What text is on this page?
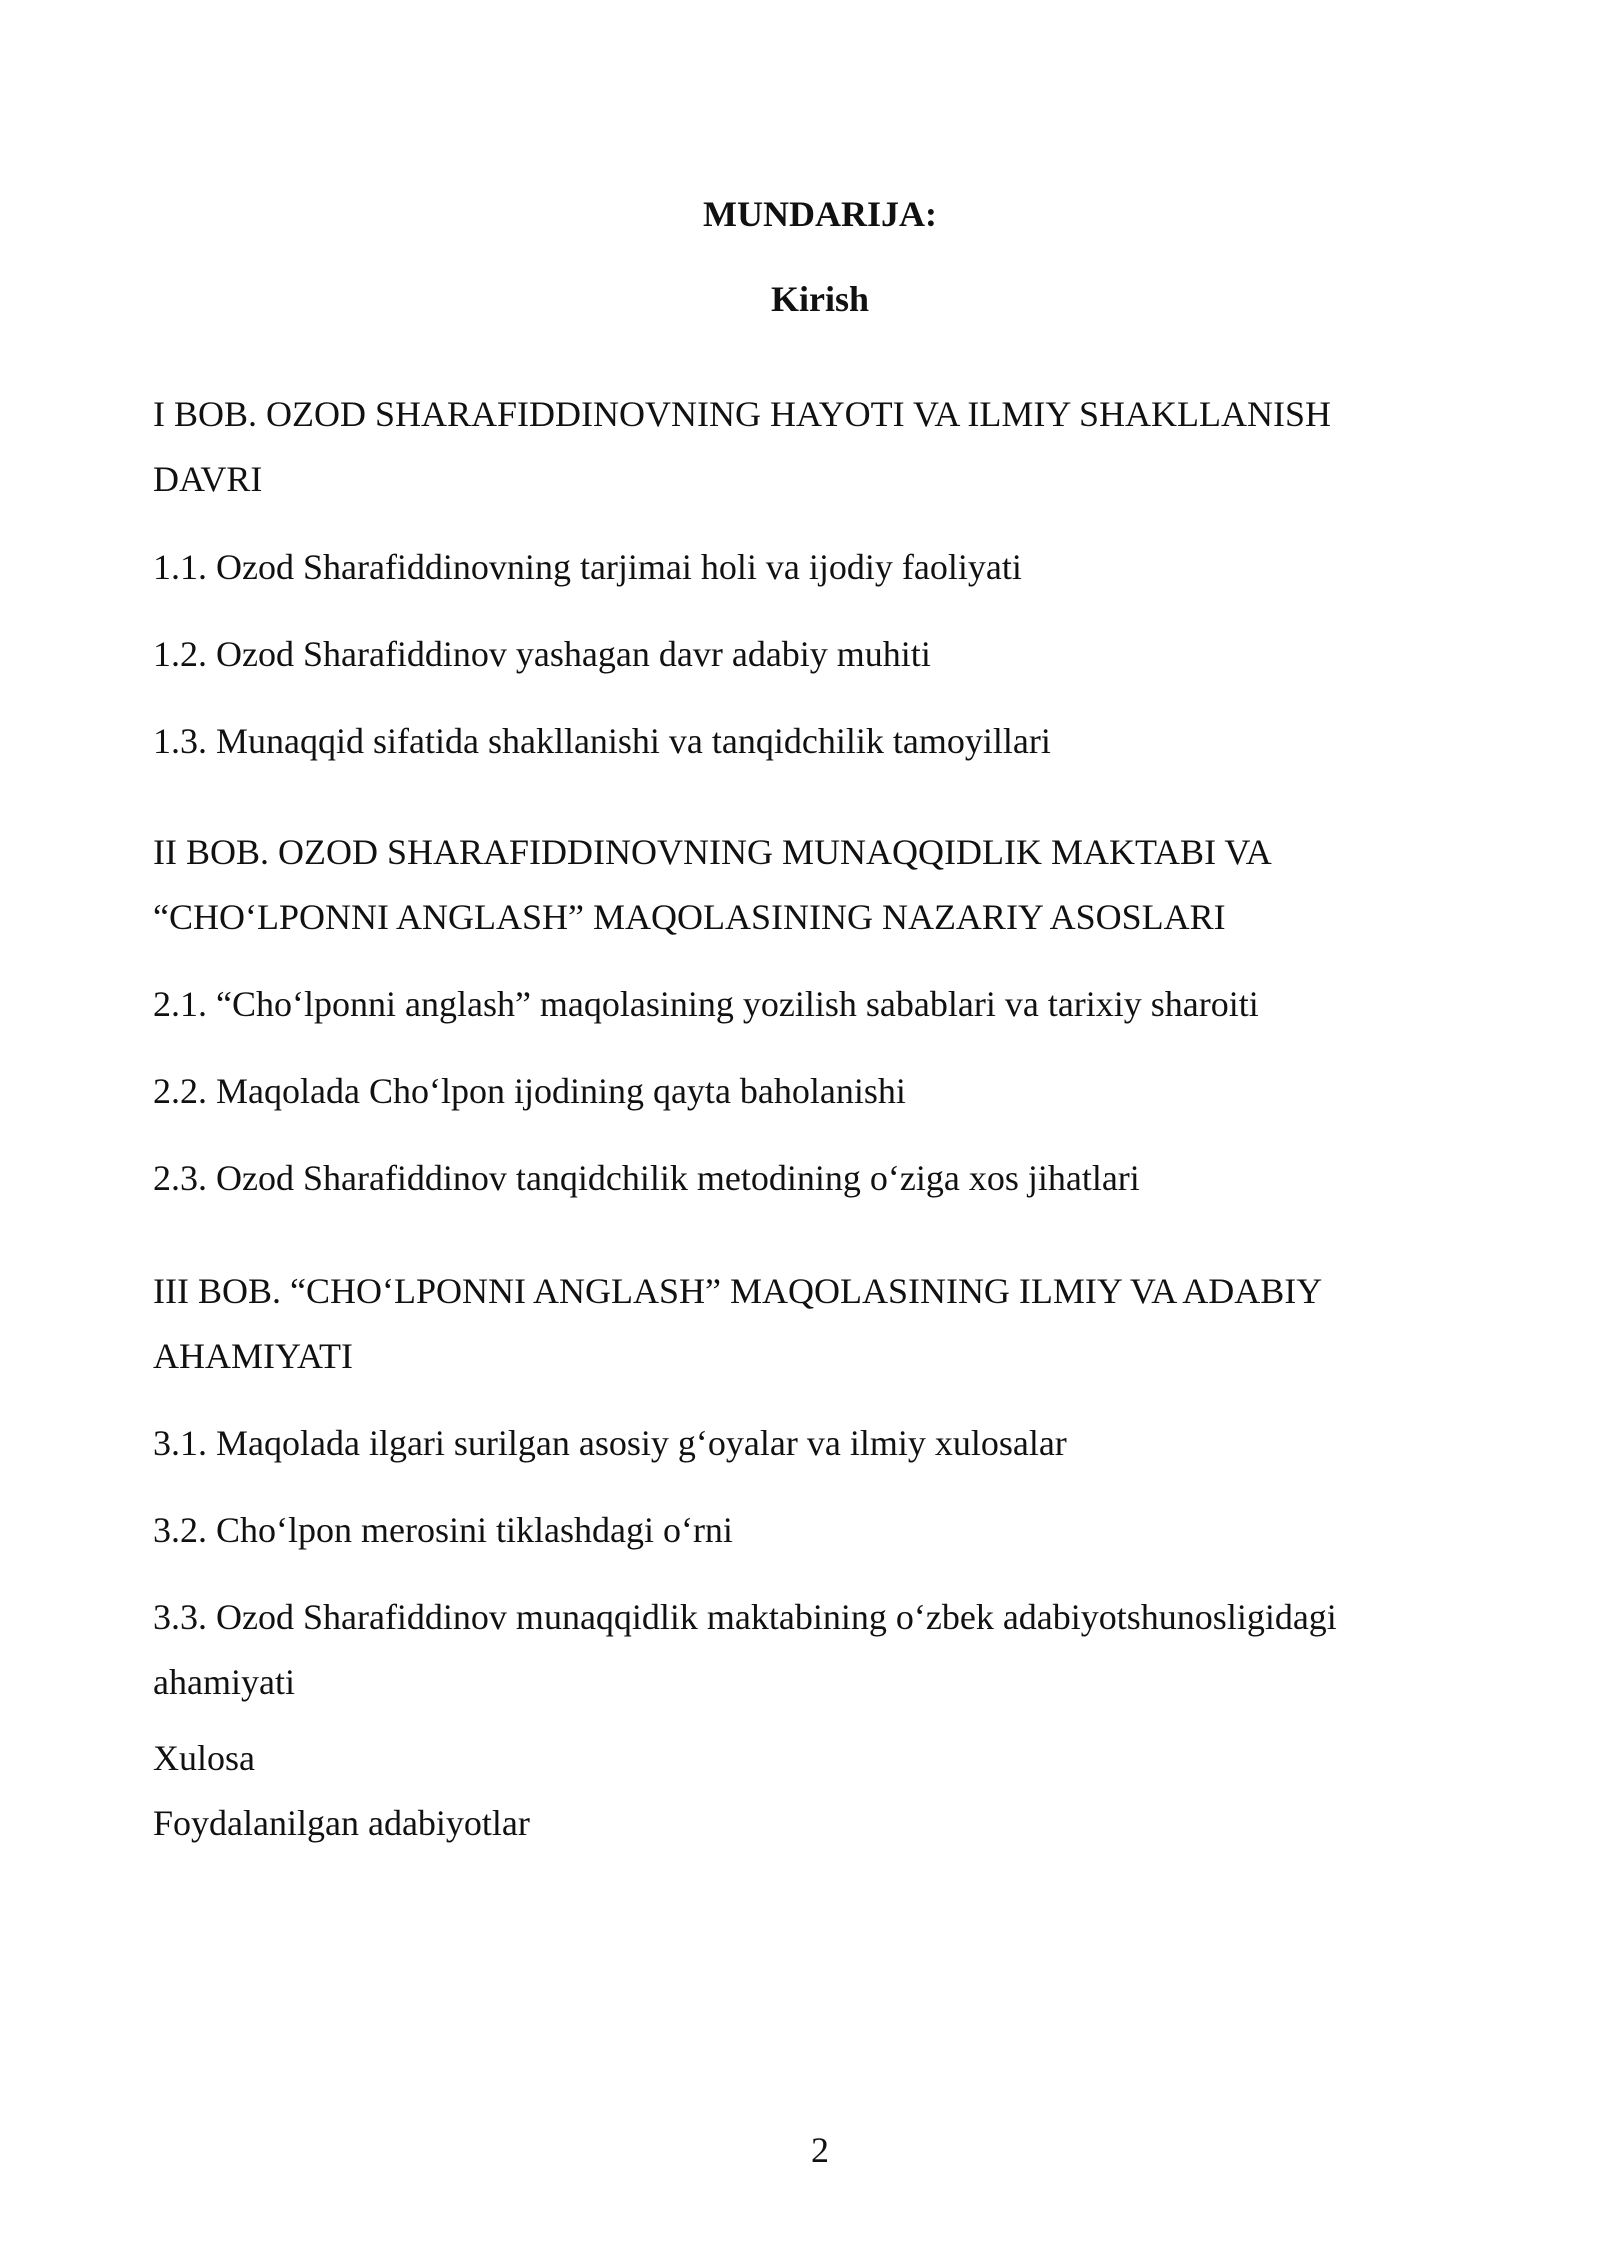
MUNDARIJA:
Kirish
I BOB. OZOD SHARAFIDDINOVNING HAYOTI VA ILMIY SHAKLLANISH
DAVRI
1.1. Ozod Sharafiddinovning tarjimai holi va ijodiy faoliyati
1.2. Ozod Sharafiddinov yashagan davr adabiy muhiti
1.3. Munaqqid sifatida shakllanishi va tanqidchilik tamoyillari
II BOB. OZOD SHARAFIDDINOVNING MUNAQQIDLIK MAKTABI VA
“CHO‘LPONNI ANGLASH” MAQOLASINING NAZARIY ASOSLARI
2.1. “Cho‘lponni anglash” maqolasining yozilish sabablari va tarixiy sharoiti
2.2. Maqolada Cho‘lpon ijodining qayta baholanishi
2.3. Ozod Sharafiddinov tanqidchilik metodining o‘ziga xos jihatlari
III BOB. “CHO‘LPONNI ANGLASH” MAQOLASINING ILMIY VA ADABIY
AHAMIYATI
3.1. Maqolada ilgari surilgan asosiy g‘oyalar va ilmiy xulosalar
3.2. Cho‘lpon merosini tiklashdagi o‘rni
3.3. Ozod Sharafiddinov munaqqidlik maktabining o‘zbek adabiyotshunosligidagi
ahamiyati
Xulosa
Foydalanilgan adabiyotlar
2
